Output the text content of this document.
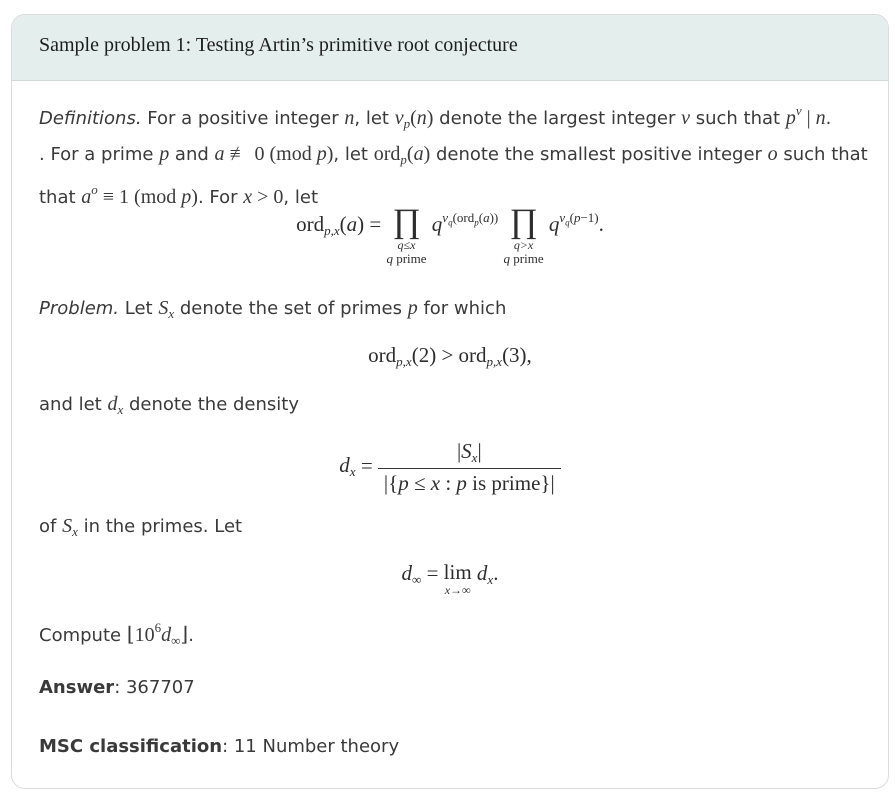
Sample problem 1: Testing Artin’s primitive root conjecture
Definitions. For a positive integer n, let $v_p(n)$ denote the largest integer v such that $p^v$ | n.
. For a prime p and a ≢ 0 (mod p), let ord$_p$(a) denote the smallest positive integer o such that
that $a^o \equiv 1$ (mod p). For x > 0, let
ord$_{p,x}$(a) = ∏
q≤x
q prime
$q^{v_q(ord_p(a))}$ ∏
q>x
q prime
$q^{v_q(p-1)}$.
Problem. Let $S_x$ denote the set of primes p for which
ord$_{p,x}$(2) > ord$_{p,x}$(3),
and let $d_x$ denote the density
$d_x = \frac{|S_x|}{\text{|\{p ≤ x : p is prime\}|}}$
of $S_x$ in the primes. Let
$d_\infty = \lim$
x→∞
$d_x$.
Compute $⌊10^6d_\infty⌋$.
Answer: 367707
MSC classification: 11 Number theory
